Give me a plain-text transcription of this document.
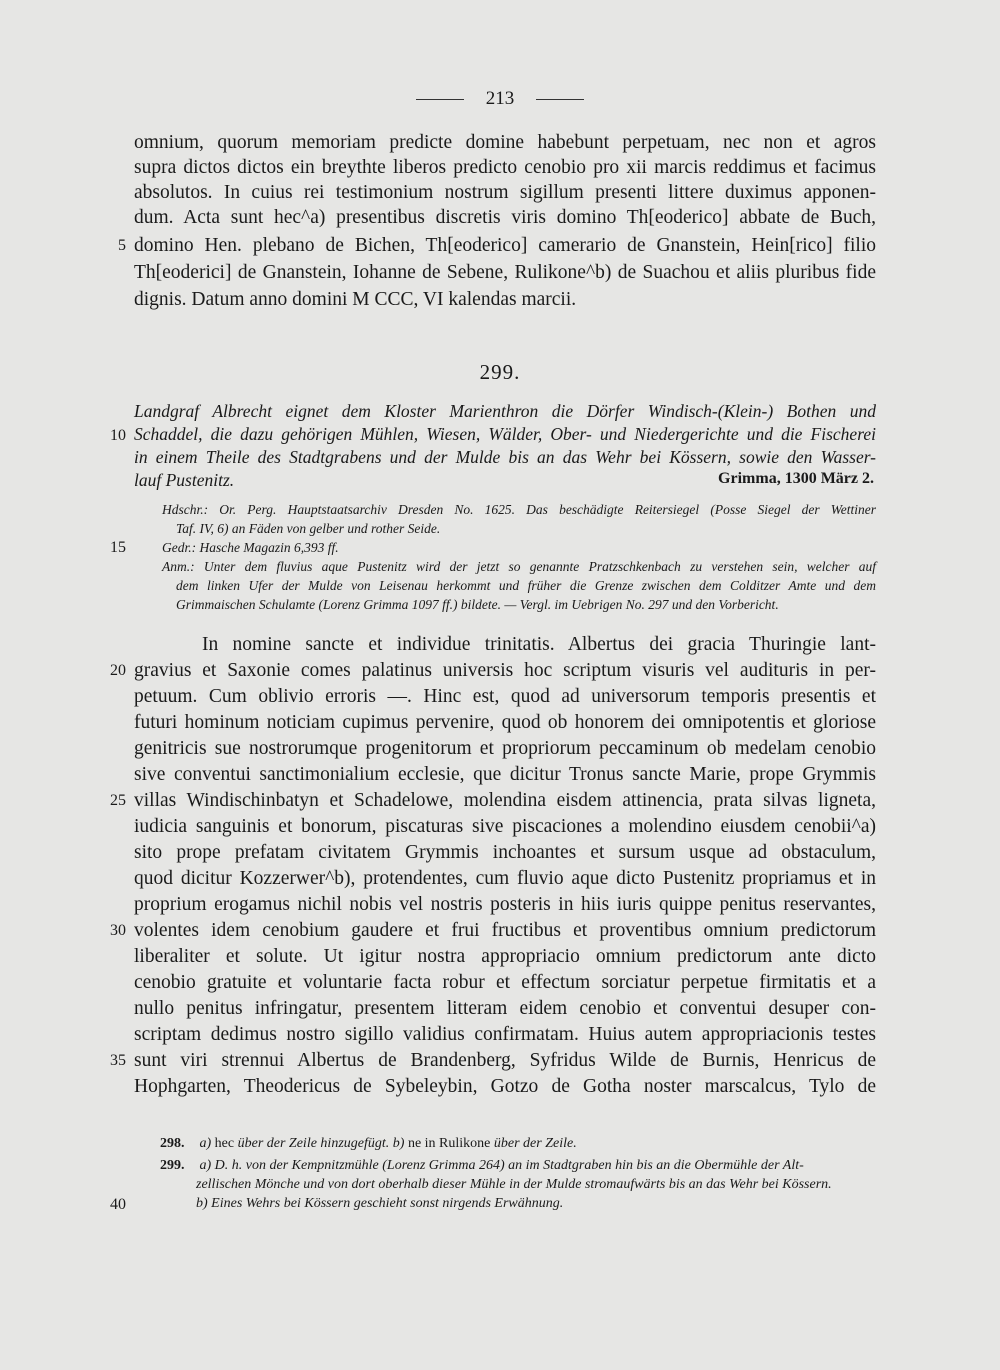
213
omnium, quorum memoriam predicte domine habebunt perpetuam, nec non et agros
supra dictos dictos ein breythte liberos predicto cenobio pro xii marcis reddimus et facimus
absolutos. In cuius rei testimonium nostrum sigillum presenti littere duximus apponen-
dum. Acta sunt hec^a) presentibus discretis viris domino Th[eoderico] abbate de Buch,
domino Hen. plebano de Bichen, Th[eoderico] camerario de Gnanstein, Hein[rico] filio
Th[eoderici] de Gnanstein, Iohanne de Sebene, Rulikone^b) de Suachou et aliis pluribus fide
dignis. Datum anno domini M CCC, VI kalendas marcii.
5
10
15
20
25
30
35
40
299.
Landgraf Albrecht eignet dem Kloster Marienthron die Dörfer Windisch-(Klein-) Bothen und
Schaddel, die dazu gehörigen Mühlen, Wiesen, Wälder, Ober- und Niedergerichte und die Fischerei
in einem Theile des Stadtgrabens und der Mulde bis an das Wehr bei Kössern, sowie den Wasser-
lauf Pustenitz.	Grimma, 1300 März 2.
Hdschr.: Or. Perg. Hauptstaatsarchiv Dresden No. 1625. Das beschädigte Reitersiegel (Posse Siegel der Wettiner
Taf. IV, 6) an Fäden von gelber und rother Seide.
Gedr.: Hasche Magazin 6,393 ff.
Anm.: Unter dem fluvius aque Pustenitz wird der jetzt so genannte Pratzschkenbach zu verstehen sein, welcher auf
dem linken Ufer der Mulde von Leisenau herkommt und früher die Grenze zwischen dem Colditzer Amte und dem
Grimmaischen Schulamte (Lorenz Grimma 1097 ff.) bildete. — Vergl. im Uebrigen No. 297 und den Vorbericht.
In nomine sancte et individue trinitatis. Albertus dei gracia Thuringie lant-
gravius et Saxonie comes palatinus universis hoc scriptum visuris vel audituris in per-
petuum. Cum oblivio erroris —. Hinc est, quod ad universorum temporis presentis et
futuri hominum noticiam cupimus pervenire, quod ob honorem dei omnipotentis et gloriose
genitricis sue nostrorumque progenitorum et propriorum peccaminum ob medelam cenobio
sive conventui sanctimonialium ecclesie, que dicitur Tronus sancte Marie, prope Grymmis
villas Windischinbatyn et Schadelowe, molendina eisdem attinencia, prata silvas ligneta,
iudicia sanguinis et bonorum, piscaturas sive piscaciones a molendino eiusdem cenobii^a)
sito prope prefatam civitatem Grymmis inchoantes et sursum usque ad obstaculum,
quod dicitur Kozzerwer^b), protendentes, cum fluvio aque dicto Pustenitz propriamus et in
proprium erogamus nichil nobis vel nostris posteris in hiis iuris quippe penitus reservantes,
volentes idem cenobium gaudere et frui fructibus et proventibus omnium predictorum
liberaliter et solute. Ut igitur nostra appropriacio omnium predictorum ante dicto
cenobio gratuite et voluntarie facta robur et effectum sorciatur perpetue firmitatis et a
nullo penitus infringatur, presentem litteram eidem cenobio et conventui desuper con-
scriptam dedimus nostro sigillo validius confirmatam. Huius autem appropriacionis testes
sunt viri strennui Albertus de Brandenberg, Syfridus Wilde de Burnis, Henricus de
Hophgarten, Theodericus de Sybeleybin, Gotzo de Gotha noster marscalcus, Tylo de
298. a) hec über der Zeile hinzugefügt. b) ne in Rulikone über der Zeile.
299. a) D. h. von der Kempnitzmühle (Lorenz Grimma 264) an im Stadtgraben hin bis an die Obermühle der Alt-
zellischen Mönche und von dort oberhalb dieser Mühle in der Mulde stromaufwärts bis an das Wehr bei Kössern.
b) Eines Wehrs bei Kössern geschieht sonst nirgends Erwähnung.
